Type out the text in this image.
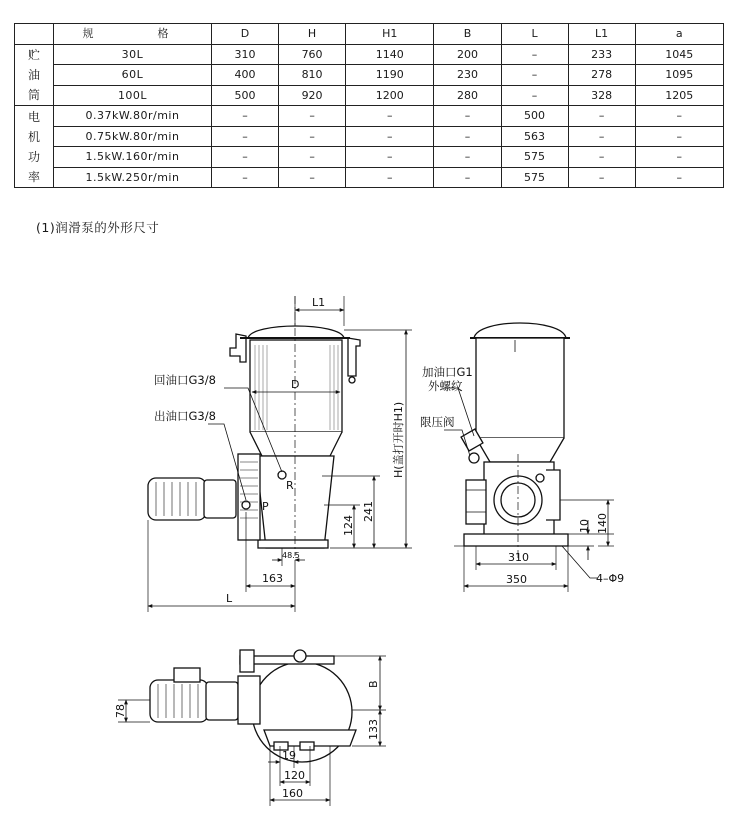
	规　　格	D	H	H1	B	L	L1	a

贮
油
筒	30L	310	760	1140	200	–	233	1045
	60L	400	810	1190	230	–	278	1095
	100L	500	920	1200	280	–	328	1205

电
机
功
率	0.37kW.80r/min	–	–	–	–	500	–	–
	0.75kW.80r/min	–	–	–	–	563	–	–
	1.5kW.160r/min	–	–	–	–	575	–	–
	1.5kW.250r/min	–	–	–	–	575	–	–
(1)润滑泵的外形尺寸
回油口G3/8
出油口G3/8
L1
D
R
P
H(盖打开时H1)
241
124
48.5
163
L
加油口G1
外螺纹
限压阀
10 140
310
350	4–Φ9
B
133
78
19
120
160
